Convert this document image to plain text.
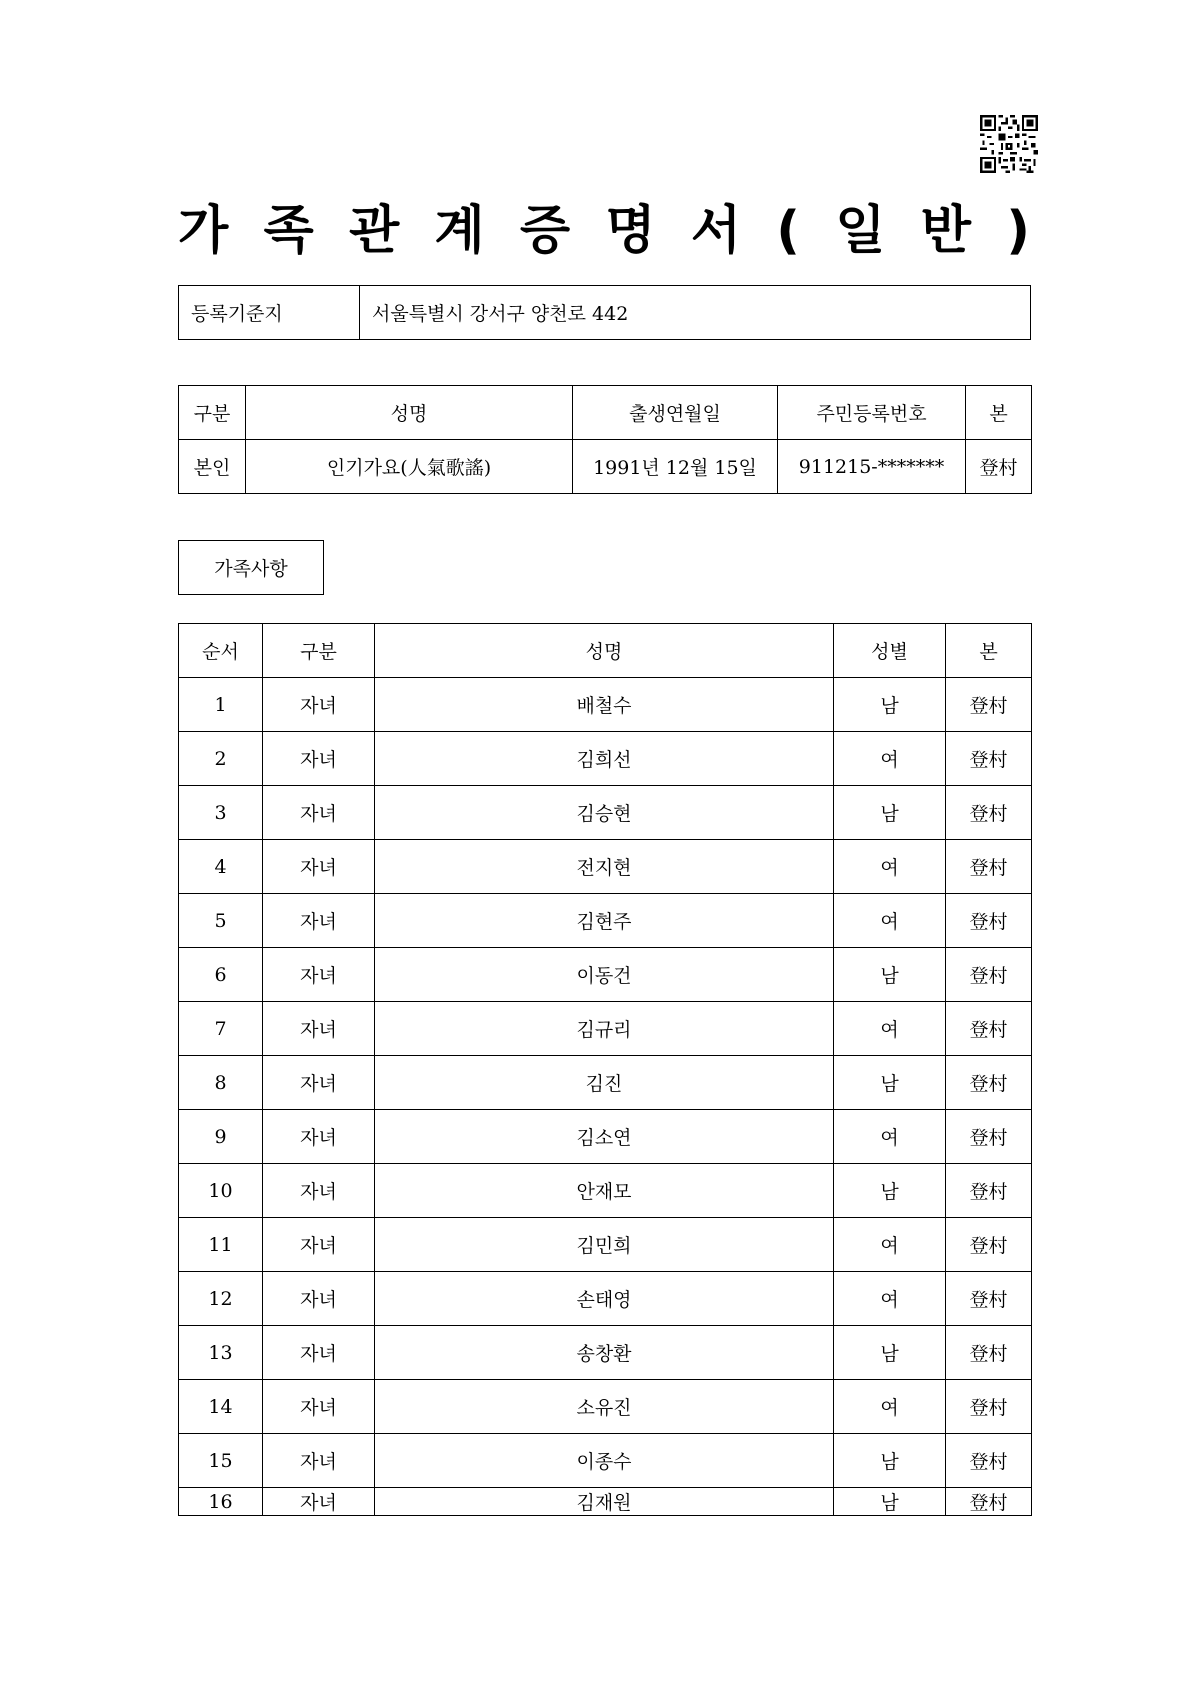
가 족 관 계 증 명 서 ( 일 반 )
등록기준지	서울특별시 강서구 양천로 442
구분	성명	출생연월일	주민등록번호	본
본인	인기가요(人氣歌謠)	1991년 12월 15일	911215-*******	登村
가족사항
순서	구분	성명	성별	본
1	자녀	배철수	남	登村
2	자녀	김희선	여	登村
3	자녀	김승현	남	登村
4	자녀	전지현	여	登村
5	자녀	김현주	여	登村
6	자녀	이동건	남	登村
7	자녀	김규리	여	登村
8	자녀	김진	남	登村
9	자녀	김소연	여	登村
10	자녀	안재모	남	登村
11	자녀	김민희	여	登村
12	자녀	손태영	여	登村
13	자녀	송창환	남	登村
14	자녀	소유진	여	登村
15	자녀	이종수	남	登村
16	자녀	김재원	남	登村
